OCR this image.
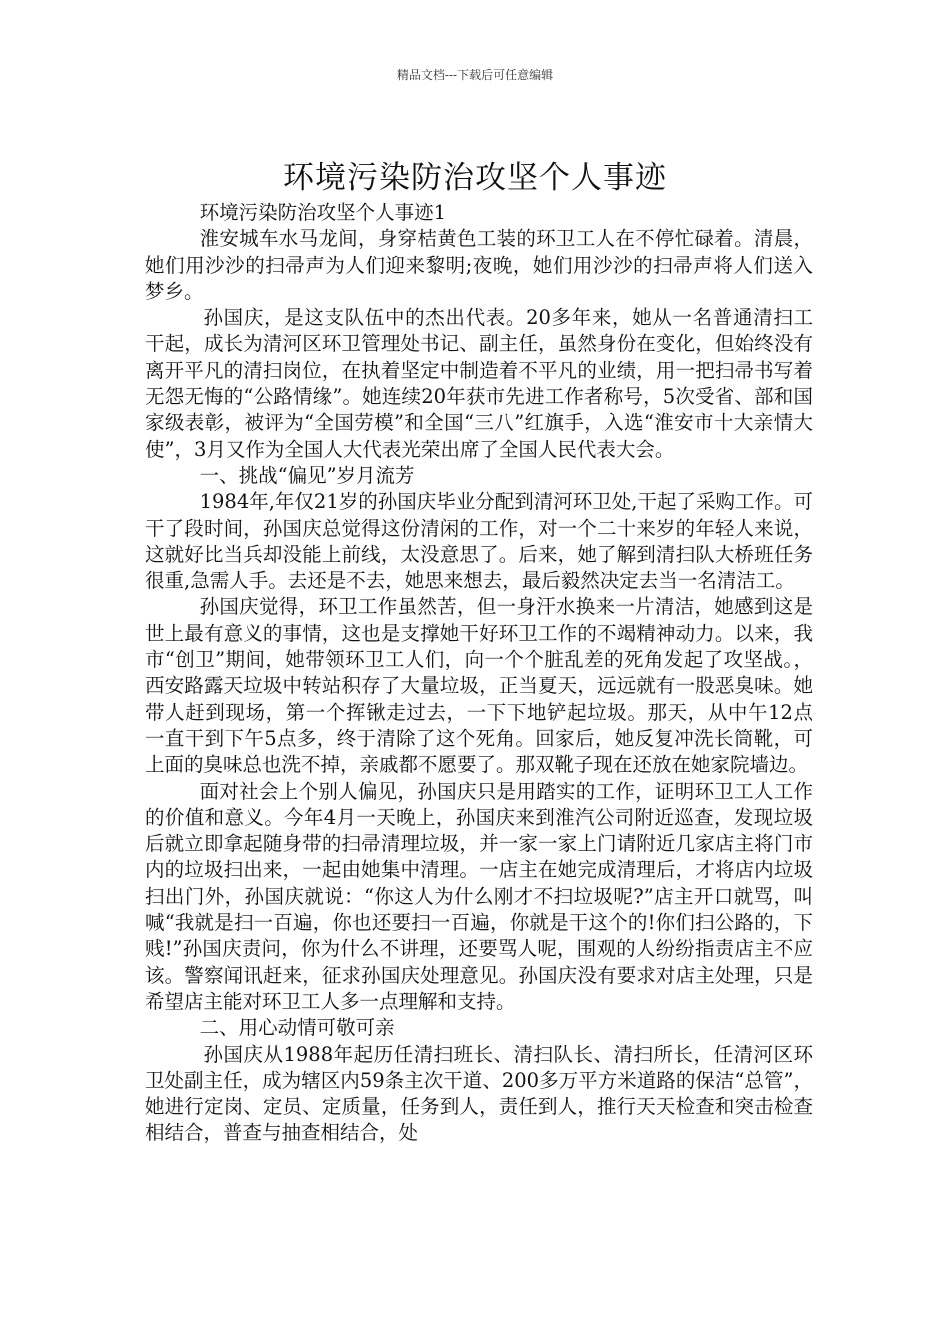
精品文档---下载后可任意编辑
环境污染防治攻坚个人事迹

环境污染防治攻坚个人事迹1

淮安城车水马龙间，身穿桔黄色工装的环卫工人在不停忙碌着。清晨，她们用沙沙的扫帚声为人们迎来黎明;夜晚，她们用沙沙的扫帚声将人们送入梦乡。

孙国庆，是这支队伍中的杰出代表。20多年来，她从一名普通清扫工干起，成长为清河区环卫管理处书记、副主任，虽然身份在变化，但始终没有离开平凡的清扫岗位，在执着坚定中制造着不平凡的业绩，用一把扫帚书写着无怨无悔的“公路情缘”。她连续20年获市先进工作者称号，5次受省、部和国家级表彰，被评为“全国劳模”和全国“三八”红旗手，入选“淮安市十大亲情大使”，3月又作为全国人大代表光荣出席了全国人民代表大会。

一、挑战“偏见”岁月流芳

1984年,年仅21岁的孙国庆毕业分配到清河环卫处,干起了采购工作。可干了段时间，孙国庆总觉得这份清闲的工作，对一个二十来岁的年轻人来说，这就好比当兵却没能上前线，太没意思了。后来，她了解到清扫队大桥班任务很重,急需人手。去还是不去，她思来想去，最后毅然决定去当一名清洁工。

孙国庆觉得，环卫工作虽然苦，但一身汗水换来一片清洁，她感到这是世上最有意义的事情，这也是支撑她干好环卫工作的不竭精神动力。以来，我市“创卫”期间，她带领环卫工人们，向一个个脏乱差的死角发起了攻坚战。，西安路露天垃圾中转站积存了大量垃圾，正当夏天，远远就有一股恶臭味。她带人赶到现场，第一个挥锹走过去，一下下地铲起垃圾。那天，从中午12点一直干到下午5点多，终于清除了这个死角。回家后，她反复冲洗长筒靴，可上面的臭味总也洗不掉，亲戚都不愿要了。那双靴子现在还放在她家院墙边。

面对社会上个别人偏见，孙国庆只是用踏实的工作，证明环卫工人工作的价值和意义。今年4月一天晚上，孙国庆来到淮汽公司附近巡查，发现垃圾后就立即拿起随身带的扫帚清理垃圾，并一家一家上门请附近几家店主将门市内的垃圾扫出来，一起由她集中清理。一店主在她完成清理后，才将店内垃圾扫出门外，孙国庆就说：“你这人为什么刚才不扫垃圾呢?”店主开口就骂，叫喊“我就是扫一百遍，你也还要扫一百遍，你就是干这个的!你们扫公路的，下贱!”孙国庆责问，你为什么不讲理，还要骂人呢，围观的人纷纷指责店主不应该。警察闻讯赶来，征求孙国庆处理意见。孙国庆没有要求对店主处理，只是希望店主能对环卫工人多一点理解和支持。

二、用心动情可敬可亲

孙国庆从1988年起历任清扫班长、清扫队长、清扫所长，任清河区环卫处副主任，成为辖区内59条主次干道、200多万平方米道路的保洁“总管”，她进行定岗、定员、定质量，任务到人，责任到人，推行天天检查和突击检查相结合，普查与抽查相结合，处
